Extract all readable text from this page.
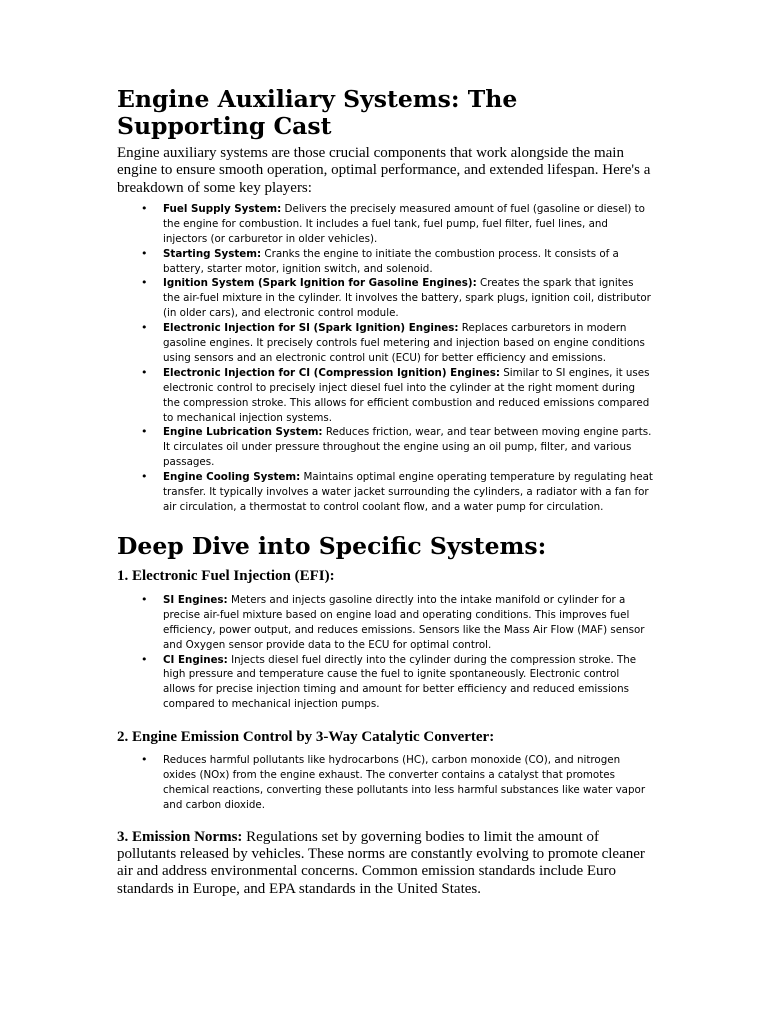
Engine Auxiliary Systems: The Supporting Cast

Engine auxiliary systems are those crucial components that work alongside the main engine to ensure smooth operation, optimal performance, and extended lifespan. Here's a breakdown of some key players:

• Fuel Supply System: Delivers the precisely measured amount of fuel (gasoline or diesel) to the engine for combustion. It includes a fuel tank, fuel pump, fuel filter, fuel lines, and injectors (or carburetor in older vehicles).
• Starting System: Cranks the engine to initiate the combustion process. It consists of a battery, starter motor, ignition switch, and solenoid.
• Ignition System (Spark Ignition for Gasoline Engines): Creates the spark that ignites the air-fuel mixture in the cylinder. It involves the battery, spark plugs, ignition coil, distributor (in older cars), and electronic control module.
• Electronic Injection for SI (Spark Ignition) Engines: Replaces carburetors in modern gasoline engines. It precisely controls fuel metering and injection based on engine conditions using sensors and an electronic control unit (ECU) for better efficiency and emissions.
• Electronic Injection for CI (Compression Ignition) Engines: Similar to SI engines, it uses electronic control to precisely inject diesel fuel into the cylinder at the right moment during the compression stroke. This allows for efficient combustion and reduced emissions compared to mechanical injection systems.
• Engine Lubrication System: Reduces friction, wear, and tear between moving engine parts. It circulates oil under pressure throughout the engine using an oil pump, filter, and various passages.
• Engine Cooling System: Maintains optimal engine operating temperature by regulating heat transfer. It typically involves a water jacket surrounding the cylinders, a radiator with a fan for air circulation, a thermostat to control coolant flow, and a water pump for circulation.
Deep Dive into Specific Systems:
1. Electronic Fuel Injection (EFI):
• SI Engines: Meters and injects gasoline directly into the intake manifold or cylinder for a precise air-fuel mixture based on engine load and operating conditions. This improves fuel efficiency, power output, and reduces emissions. Sensors like the Mass Air Flow (MAF) sensor and Oxygen sensor provide data to the ECU for optimal control.
• CI Engines: Injects diesel fuel directly into the cylinder during the compression stroke. The high pressure and temperature cause the fuel to ignite spontaneously. Electronic control allows for precise injection timing and amount for better efficiency and reduced emissions compared to mechanical injection pumps.
2. Engine Emission Control by 3-Way Catalytic Converter:
• Reduces harmful pollutants like hydrocarbons (HC), carbon monoxide (CO), and nitrogen oxides (NOx) from the engine exhaust. The converter contains a catalyst that promotes chemical reactions, converting these pollutants into less harmful substances like water vapor and carbon dioxide.

3. Emission Norms: Regulations set by governing bodies to limit the amount of pollutants released by vehicles. These norms are constantly evolving to promote cleaner air and address environmental concerns. Common emission standards include Euro standards in Europe, and EPA standards in the United States.
